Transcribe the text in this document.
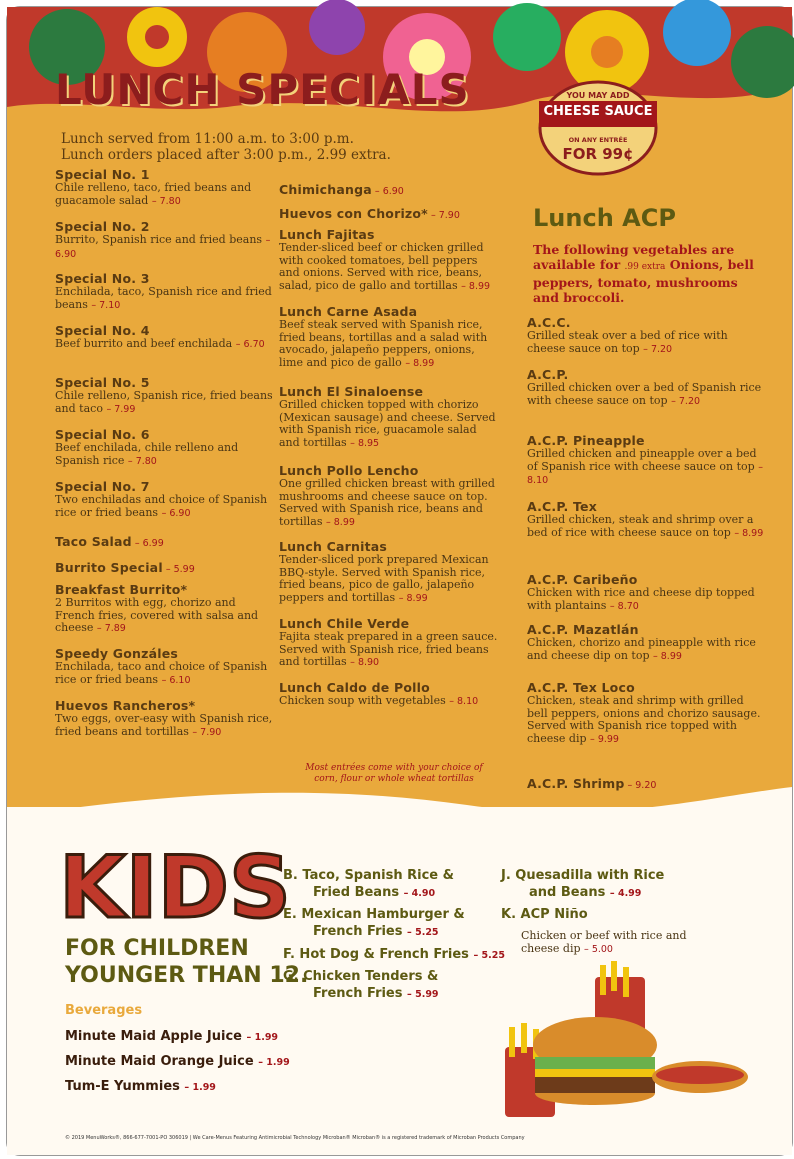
LUNCH SPECIALS
Lunch served from 11:00 a.m. to 3:00 p.m.
Lunch orders placed after 3:00 p.m., 2.99 extra.
YOU MAY ADD
CHEESE SAUCE
ON ANY ENTRÉE
FOR 99¢
Special No. 1
Chile relleno, taco, fried beans and guacamole salad – 7.80
Special No. 2
Burrito, Spanish rice and fried beans – 6.90
Special No. 3
Enchilada, taco, Spanish rice and fried beans – 7.10
Special No. 4
Beef burrito and beef enchilada – 6.70
Special No. 5
Chile relleno, Spanish rice, fried beans and taco – 7.99
Special No. 6
Beef enchilada, chile relleno and Spanish rice – 7.80
Special No. 7
Two enchiladas and choice of Spanish rice or fried beans – 6.90
Taco Salad – 6.99
Burrito Special – 5.99
Breakfast Burrito*
2 Burritos with egg, chorizo and French fries, covered with salsa and cheese – 7.89
Speedy Gonzáles
Enchilada, taco and choice of Spanish rice or fried beans – 6.10
Huevos Rancheros*
Two eggs, over-easy with Spanish rice, fried beans and tortillas – 7.90
Chimichanga – 6.90
Huevos con Chorizo* – 7.90
Lunch Fajitas
Tender-sliced beef or chicken grilled with cooked tomatoes, bell peppers and onions. Served with rice, beans, salad, pico de gallo and tortillas – 8.99
Lunch Carne Asada
Beef steak served with Spanish rice, fried beans, tortillas and a salad with avocado, jalapeño peppers, onions, lime and pico de gallo – 8.99
Lunch El Sinaloense
Grilled chicken topped with chorizo (Mexican sausage) and cheese. Served with Spanish rice, guacamole salad and tortillas – 8.95
Lunch Pollo Lencho
One grilled chicken breast with grilled mushrooms and cheese sauce on top. Served with Spanish rice, beans and tortillas – 8.99
Lunch Carnitas
Tender-sliced pork prepared Mexican BBQ-style. Served with Spanish rice, fried beans, pico de gallo, jalapeño peppers and tortillas – 8.99
Lunch Chile Verde
Fajita steak prepared in a green sauce. Served with Spanish rice, fried beans and tortillas – 8.90
Lunch Caldo de Pollo
Chicken soup with vegetables – 8.10
Most entrées come with your choice of corn, flour or whole wheat tortillas
Lunch ACP
The following vegetables are available for .99 extra Onions, bell peppers, tomato, mushrooms and broccoli.
A.C.C.
Grilled steak over a bed of rice with cheese sauce on top – 7.20
A.C.P.
Grilled chicken over a bed of Spanish rice with cheese sauce on top – 7.20
A.C.P. Pineapple
Grilled chicken and pineapple over a bed of Spanish rice with cheese sauce on top – 8.10
A.C.P. Tex
Grilled chicken, steak and shrimp over a bed of rice with cheese sauce on top – 8.99
A.C.P. Caribeño
Chicken with rice and cheese dip topped with plantains – 8.70
A.C.P. Mazatlán
Chicken, chorizo and pineapple with rice and cheese dip on top – 8.99
A.C.P. Tex Loco
Chicken, steak and shrimp with grilled bell peppers, onions and chorizo sausage. Served with Spanish rice topped with cheese dip – 9.99
A.C.P. Shrimp – 9.20
KIDS
FOR CHILDREN
YOUNGER THAN 12.
Beverages
Minute Maid Apple Juice – 1.99
Minute Maid Orange Juice – 1.99
Tum-E Yummies – 1.99
B. Taco, Spanish Rice &
Fried Beans – 4.90
E. Mexican Hamburger &
French Fries – 5.25
F. Hot Dog & French Fries – 5.25
G. Chicken Tenders &
French Fries – 5.99
J. Quesadilla with Rice
and Beans – 4.99
K. ACP Niño
Chicken or beef with rice and cheese dip – 5.00
© 2019 MenuWorks®, 866-677-7001-PO 306019 | We Care-Menus Featuring Antimicrobial Technology Microban® Microban® is a registered trademark of Microban Products Company
